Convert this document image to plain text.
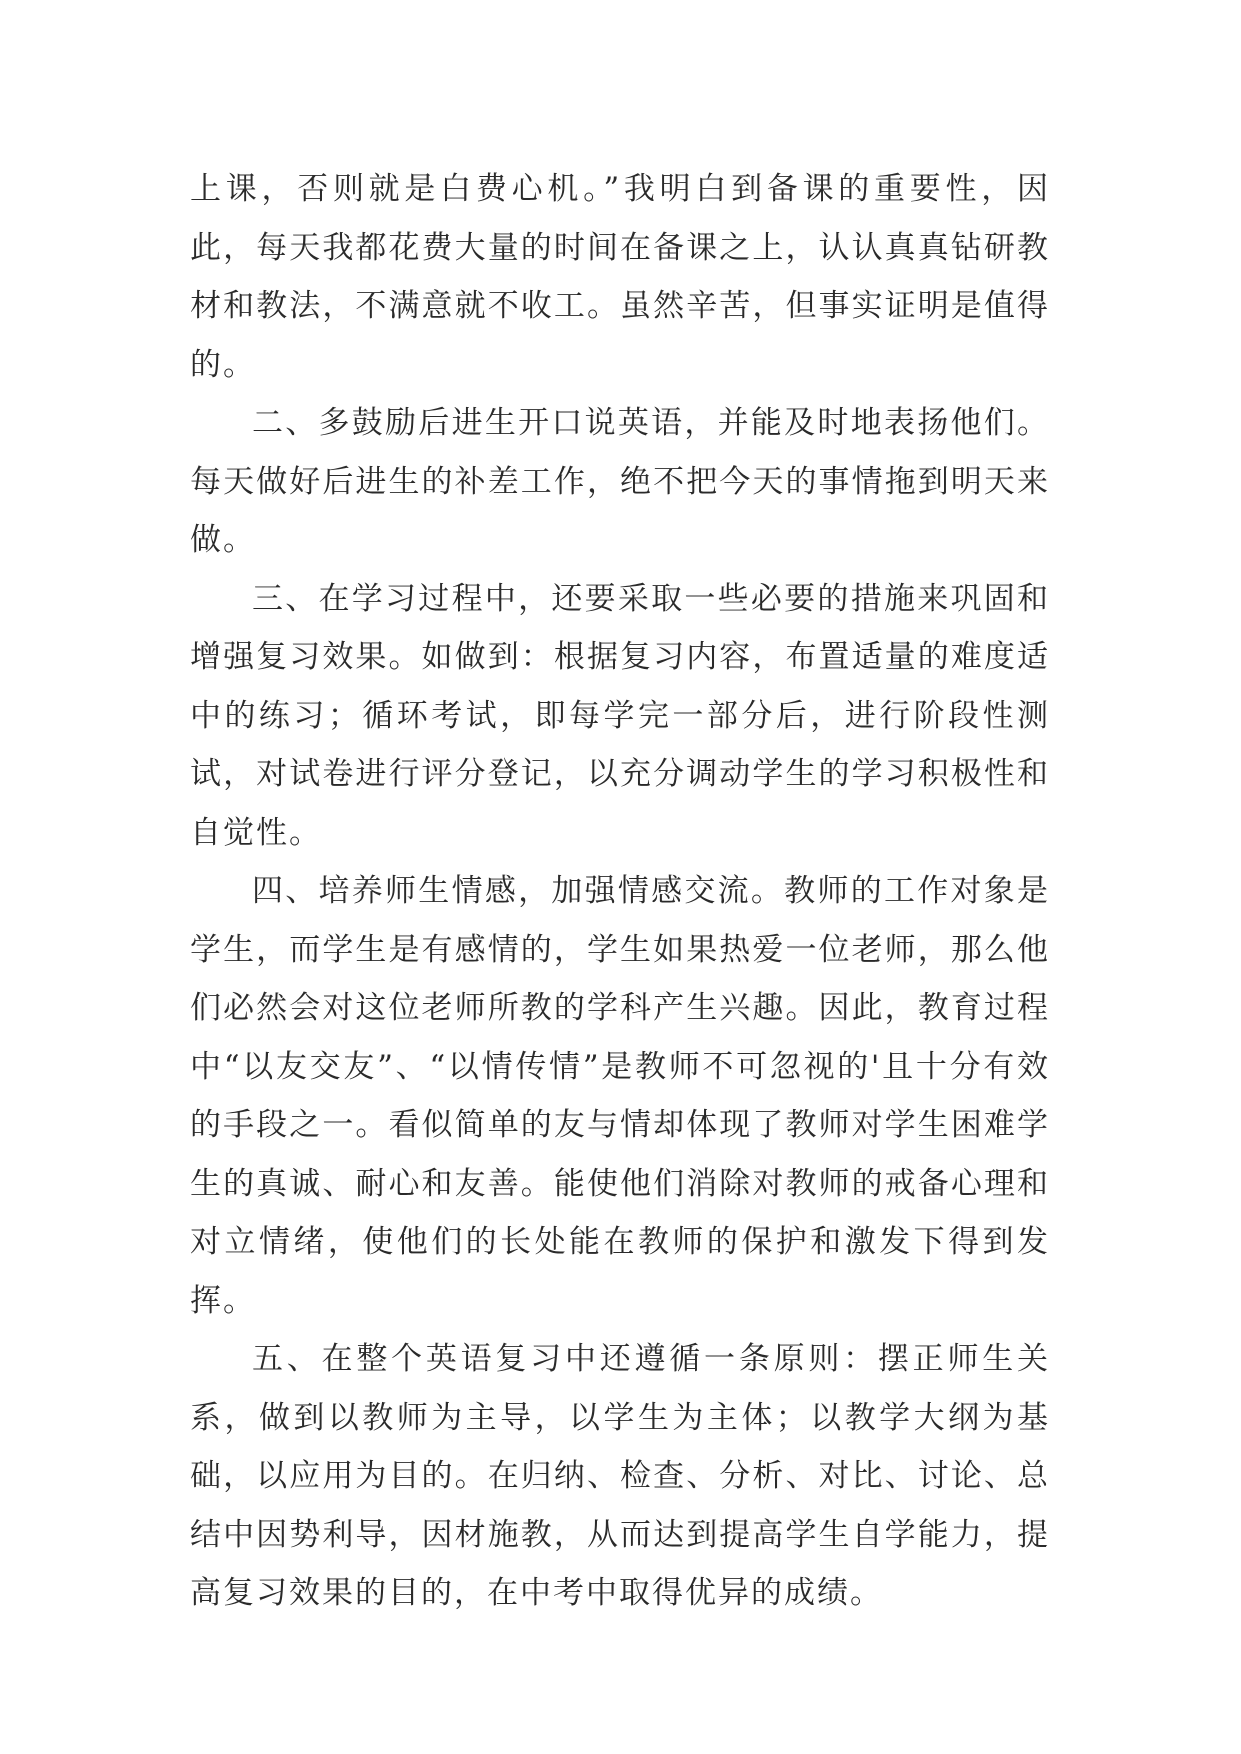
上课，否则就是白费心机。”我明白到备课的重要性，因此，每天我都花费大量的时间在备课之上，认认真真钻研教材和教法，不满意就不收工。虽然辛苦，但事实证明是值得的。

二、多鼓励后进生开口说英语，并能及时地表扬他们。每天做好后进生的补差工作，绝不把今天的事情拖到明天来做。

三、在学习过程中，还要采取一些必要的措施来巩固和增强复习效果。如做到：根据复习内容，布置适量的难度适中的练习；循环考试，即每学完一部分后，进行阶段性测试，对试卷进行评分登记，以充分调动学生的学习积极性和自觉性。

四、培养师生情感，加强情感交流。教师的工作对象是学生，而学生是有感情的，学生如果热爱一位老师，那么他们必然会对这位老师所教的学科产生兴趣。因此，教育过程中“以友交友”、“以情传情”是教师不可忽视的'且十分有效的手段之一。看似简单的友与情却体现了教师对学生困难学生的真诚、耐心和友善。能使他们消除对教师的戒备心理和对立情绪，使他们的长处能在教师的保护和激发下得到发挥。

五、在整个英语复习中还遵循一条原则：摆正师生关系，做到以教师为主导，以学生为主体；以教学大纲为基础，以应用为目的。在归纳、检查、分析、对比、讨论、总结中因势利导，因材施教，从而达到提高学生自学能力，提高复习效果的目的，在中考中取得优异的成绩。
